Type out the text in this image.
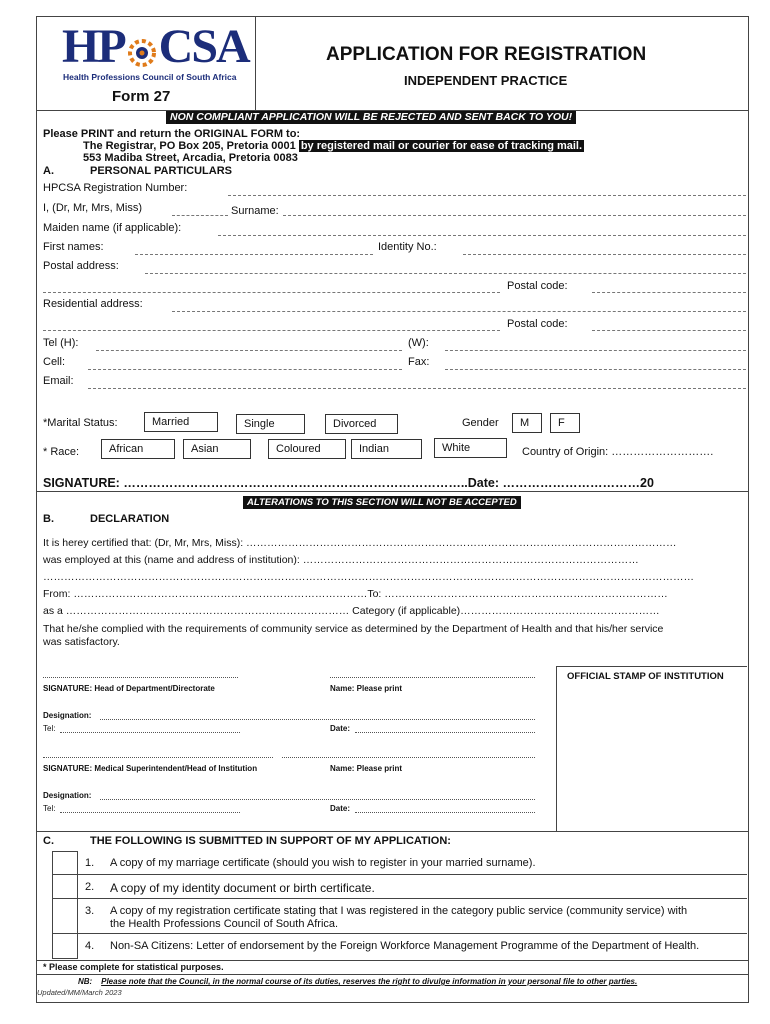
HP CSA
Health Professions Council of South Africa
Form 27
APPLICATION FOR REGISTRATION
INDEPENDENT PRACTICE
NON COMPLIANT APPLICATION WILL BE REJECTED AND SENT BACK TO YOU!
Please PRINT and return the ORIGINAL FORM to:
The Registrar, PO Box 205, Pretoria 0001 by registered mail or courier for ease of tracking mail.
553 Madiba Street, Arcadia, Pretoria 0083
A.	PERSONAL PARTICULARS
HPCSA Registration Number:
I, (Dr, Mr, Mrs, Miss)	Surname:
Maiden name (if applicable):
First names:	Identity No.:
Postal address:
Postal code:
Residential address:
Postal code:
Tel (H):	(W):
Cell:	Fax:
Email:
*Marital Status:	Married	Single	Divorced	Gender	M	F
* Race:	African	Asian	Coloured	Indian	White	Country of Origin: ……………………….
SIGNATURE: ………………………………………………………………………..Date: ……………………………20
ALTERATIONS TO THIS SECTION WILL NOT BE ACCEPTED
B.	DECLARATION
It is herey certified that: (Dr, Mr, Mrs, Miss): ……………………………………………………………………………………………………………
was employed at this (name and address of institution): ……………………………………………………………………………………
……………………………………………………………………………………………………………………………………………………………………
From: …………………………………………………………………………To: ………………………………………………………………………
as a ……………………………………………………………………… Category (if applicable)…………………………………………………
That he/she complied with the requirements of community service as determined by the Department of Health and that his/her service
was satisfactory.
OFFICIAL STAMP OF INSTITUTION
SIGNATURE: Head of Department/Directorate	Name: Please print
Designation:
Tel:	Date:
SIGNATURE: Medical Superintendent/Head of Institution	Name: Please print
Designation:
Tel:	Date:
C.	THE FOLLOWING IS SUBMITTED IN SUPPORT OF MY APPLICATION:
1. A copy of my marriage certificate (should you wish to register in your married surname).
2. A copy of my identity document or birth certificate.
3. A copy of my registration certificate stating that I was registered in the category public service (community service) with
the Health Professions Council of South Africa.
4. Non-SA Citizens: Letter of endorsement by the Foreign Workforce Management Programme of the Department of Health.
* Please complete for statistical purposes.
NB: Please note that the Council, in the normal course of its duties, reserves the right to divulge information in your personal file to other parties.
Updated/MM/March 2023
